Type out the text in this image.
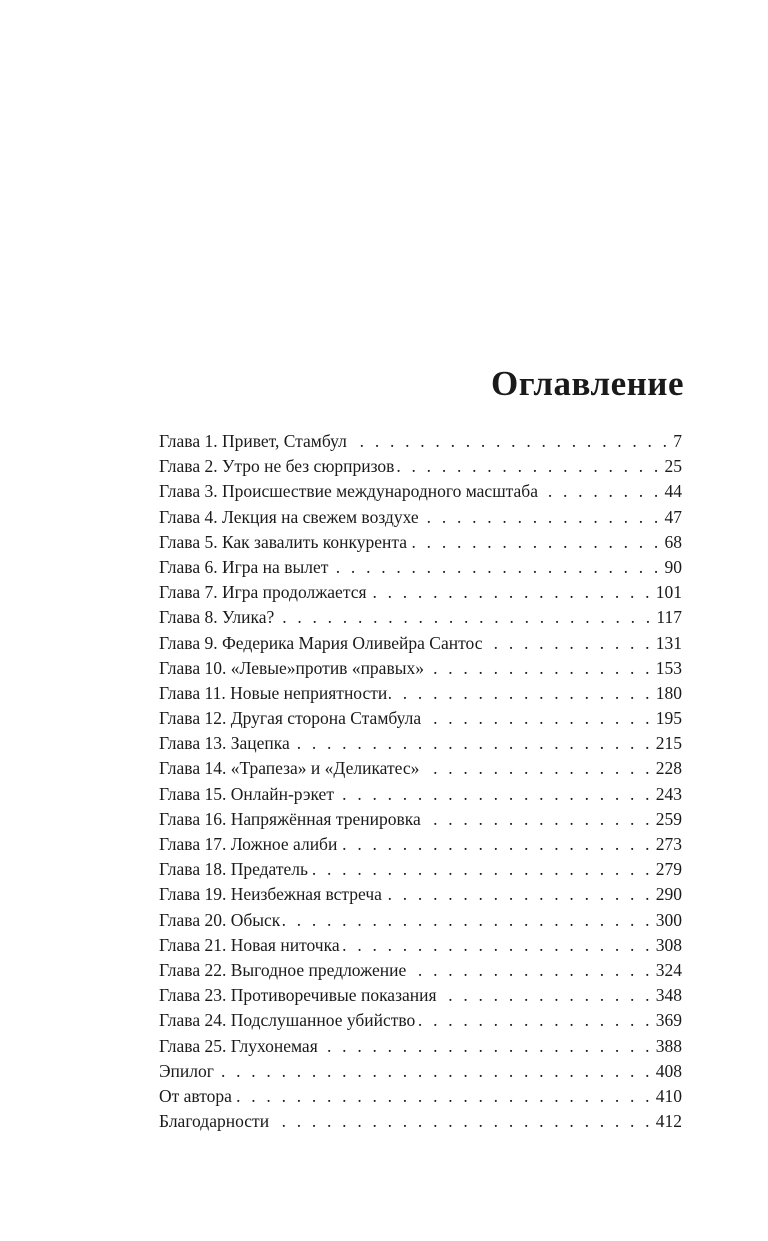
Оглавление
Глава 1. Привет, Стамбул . . .	7
Глава 2. Утро не без сюрпризов . . .	25
Глава 3. Происшествие международного масштаба . . .	44
Глава 4. Лекция на свежем воздухе . . .	47
Глава 5. Как завалить конкурента . . .	68
Глава 6. Игра на вылет . . .	90
Глава 7. Игра продолжается . . .	101
Глава 8. Улика? . . .	117
Глава 9. Федерика Мария Оливейра Сантос . . .	131
Глава 10. «Левые»против «правых» . . .	153
Глава 11. Новые неприятности . . .	180
Глава 12. Другая сторона Стамбула . . .	195
Глава 13. Зацепка . . .	215
Глава 14. «Трапеза» и «Деликатес» . . .	228
Глава 15. Онлайн-рэкет . . .	243
Глава 16. Напряжённая тренировка . . .	259
Глава 17. Ложное алиби . . .	273
Глава 18. Предатель . . .	279
Глава 19. Неизбежная встреча . . .	290
Глава 20. Обыск . . .	300
Глава 21. Новая ниточка . . .	308
Глава 22. Выгодное предложение . . .	324
Глава 23. Противоречивые показания . . .	348
Глава 24. Подслушанное убийство . . .	369
Глава 25. Глухонемая . . .	388
Эпилог . . .	408
От автора . . .	410
Благодарности . . .	412
